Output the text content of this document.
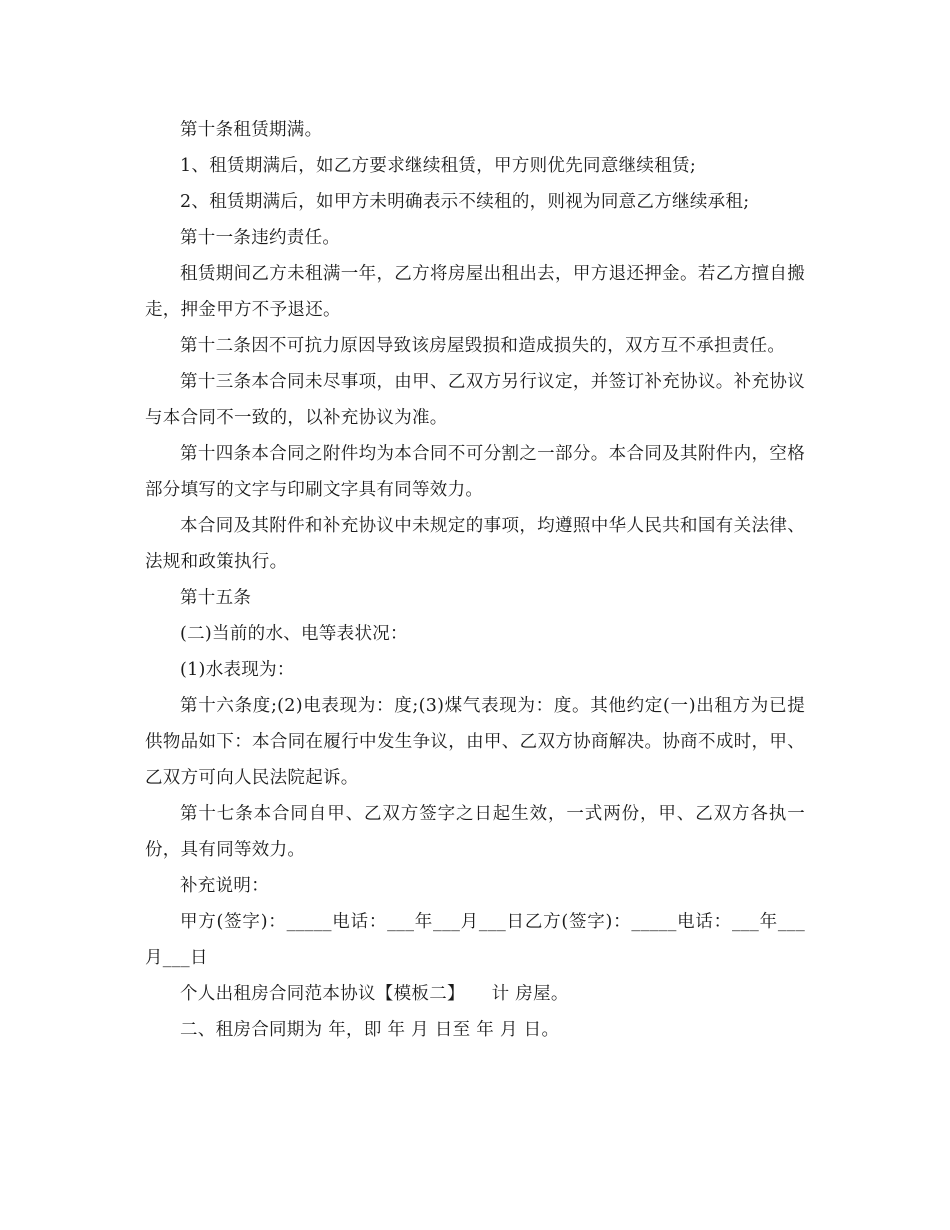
第十条租赁期满。

1、租赁期满后，如乙方要求继续租赁，甲方则优先同意继续租赁;

2、租赁期满后，如甲方未明确表示不续租的，则视为同意乙方继续承租;

第十一条违约责任。

租赁期间乙方未租满一年，乙方将房屋出租出去，甲方退还押金。若乙方擅自搬走，押金甲方不予退还。

第十二条因不可抗力原因导致该房屋毁损和造成损失的，双方互不承担责任。

第十三条本合同未尽事项，由甲、乙双方另行议定，并签订补充协议。补充协议与本合同不一致的，以补充协议为准。

第十四条本合同之附件均为本合同不可分割之一部分。本合同及其附件内，空格部分填写的文字与印刷文字具有同等效力。

本合同及其附件和补充协议中未规定的事项，均遵照中华人民共和国有关法律、法规和政策执行。

第十五条

(二)当前的水、电等表状况：

(1)水表现为：

第十六条度;(2)电表现为：度;(3)煤气表现为：度。其他约定(一)出租方为已提供物品如下：本合同在履行中发生争议，由甲、乙双方协商解决。协商不成时，甲、乙双方可向人民法院起诉。

第十七条本合同自甲、乙双方签字之日起生效，一式两份，甲、乙双方各执一份，具有同等效力。

补充说明：

甲方(签字)：_____电话：___年___月___日乙方(签字)：_____电话：___年___月___日

个人出租房合同范本协议【模板二】　　计 房屋。

二、租房合同期为 年，即 年 月 日至 年 月 日。
